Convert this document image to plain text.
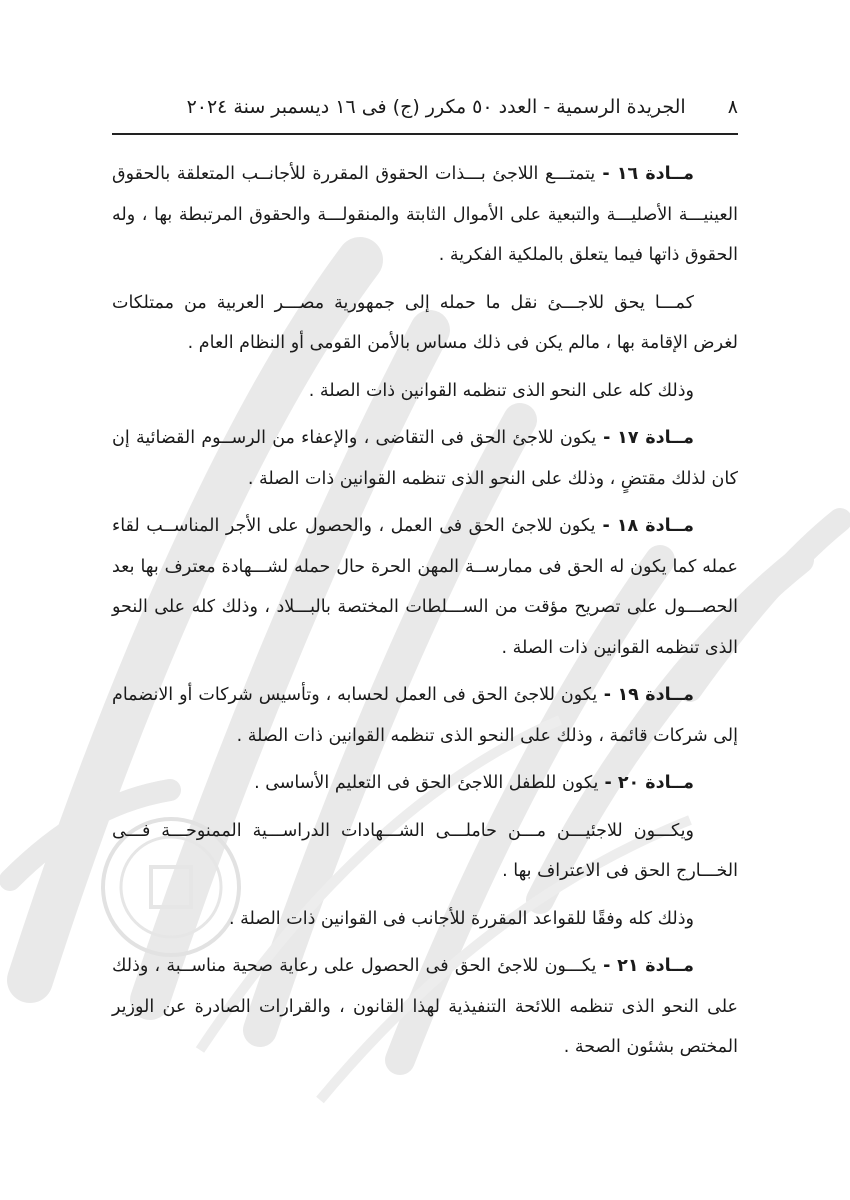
٨  الجريدة الرسمية - العدد ٥٠ مكرر (ج) فى ١٦ ديسمبر سنة ٢٠٢٤

مــادة ١٦ - يتمتـــع اللاجئ بـــذات الحقوق المقررة للأجانــب المتعلقة بالحقوق العينيـــة الأصليـــة والتبعية على الأموال الثابتة والمنقولـــة والحقوق المرتبطة بها ، وله الحقوق ذاتها فيما يتعلق بالملكية الفكرية .

كمـــا يحق للاجـــئ نقل ما حمله إلى جمهورية مصـــر العربية من ممتلكات لغرض الإقامة بها ، مالم يكن فى ذلك مساس بالأمن القومى أو النظام العام .

وذلك كله على النحو الذى تنظمه القوانين ذات الصلة .

مــادة ١٧ - يكون للاجئ الحق فى التقاضى ، والإعفاء من الرســوم القضائية إن كان لذلك مقتضٍ ، وذلك على النحو الذى تنظمه القوانين ذات الصلة .

مــادة ١٨ - يكون للاجئ الحق فى العمل ، والحصول على الأجر المناســب لقاء عمله كما يكون له الحق فى ممارســة المهن الحرة حال حمله لشـــهادة معترف بها بعد الحصـــول على تصريح مؤقت من الســـلطات المختصة بالبـــلاد ، وذلك كله على النحو الذى تنظمه القوانين ذات الصلة .

مــادة ١٩ - يكون للاجئ الحق فى العمل لحسابه ، وتأسيس شركات أو الانضمام إلى شركات قائمة ، وذلك على النحو الذى تنظمه القوانين ذات الصلة .

مــادة ٢٠ - يكون للطفل اللاجئ الحق فى التعليم الأساسى .

ويكـــون للاجئيـــن مـــن حاملـــى الشـــهادات الدراســـية الممنوحـــة فـــى الخـــارج الحق فى الاعتراف بها .

وذلك كله وفقًا للقواعد المقررة للأجانب فى القوانين ذات الصلة .

مــادة ٢١ - يكـــون للاجئ الحق فى الحصول على رعاية صحية مناســبة ، وذلك على النحو الذى تنظمه اللائحة التنفيذية لهذا القانون ، والقرارات الصادرة عن الوزير المختص بشئون الصحة .
